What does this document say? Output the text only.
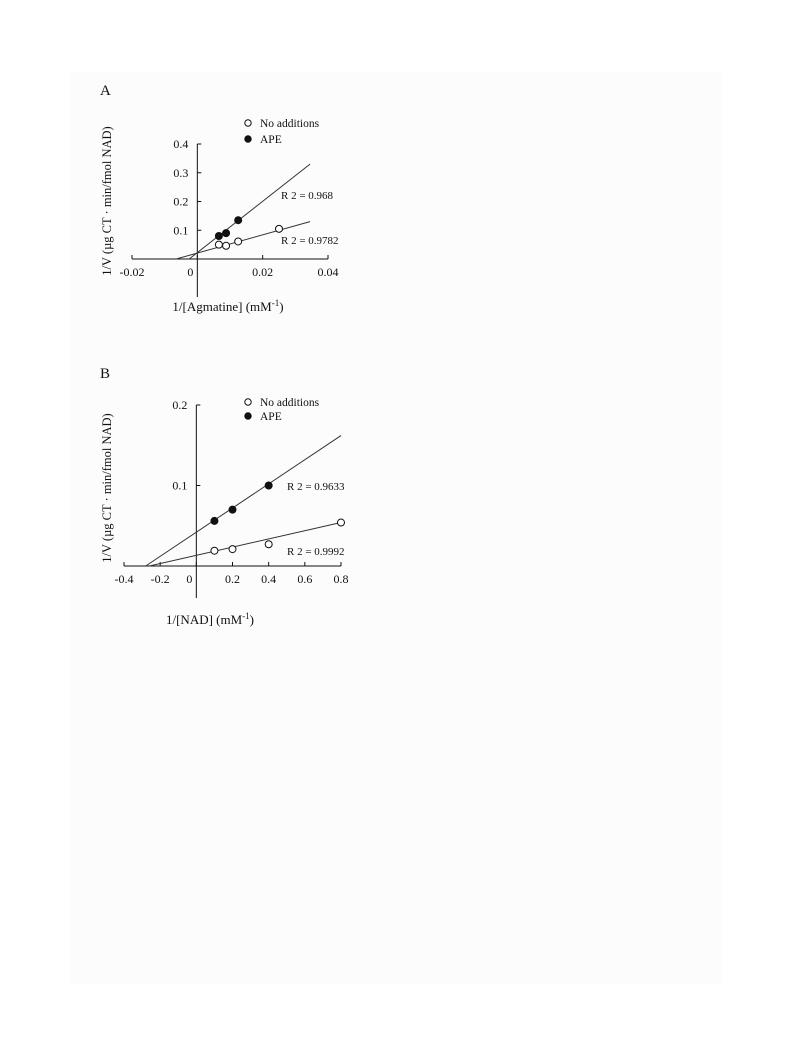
A
-0.02	0	0.02	0.04
0.1
0.2
0.3
0.4
1/V (µg CT · min/fmol NAD)
1/[Agmatine] $(mM^{-1})$
R 2 = 0.968
R 2 = 0.9782
No additions
APE
B
-0.4 -0.2 0	0.2 0.4 0.6 0.8
0.1
0.2
1/V (µg CT · min/fmol NAD)
1/[NAD] $(mM^{-1})$
R 2 = 0.9633
R 2 = 0.9992
No additions
APE
